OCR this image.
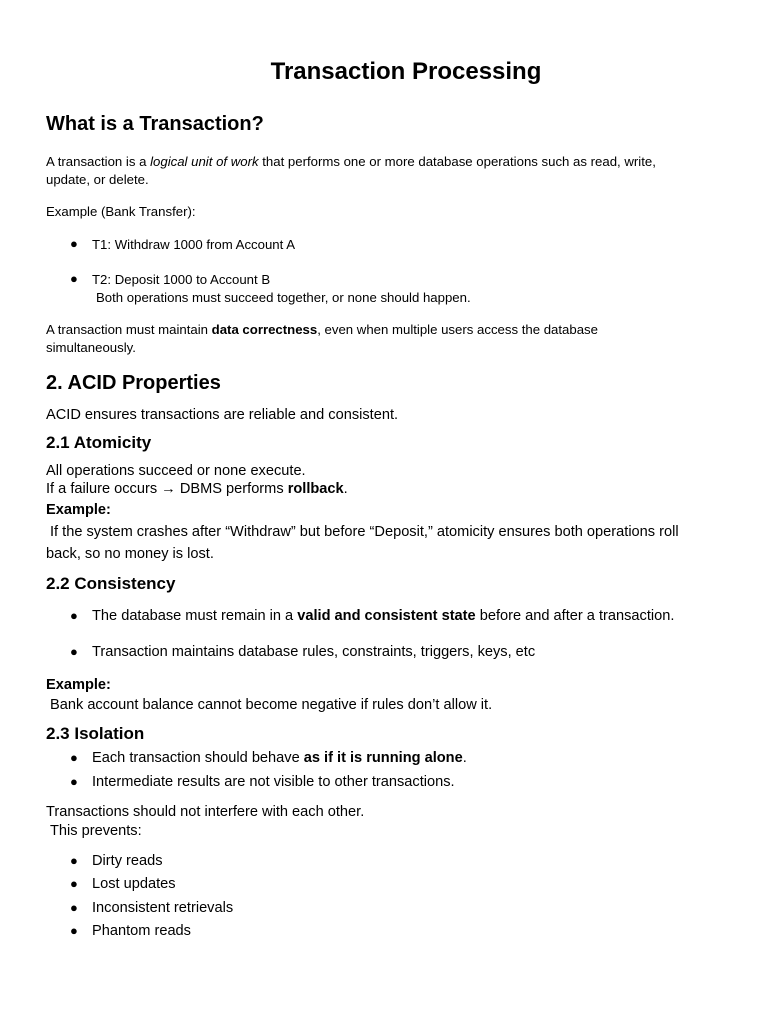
Transaction Processing
What is a Transaction?

A transaction is a logical unit of work that performs one or more database operations such as read, write,

update, or delete.

Example (Bank Transfer):

● T1: Withdraw 1000 from Account A

● T2: Deposit 1000 to Account B

Both operations must succeed together, or none should happen.

A transaction must maintain data correctness, even when multiple users access the database

simultaneously.

2. ACID Properties

ACID ensures transactions are reliable and consistent.

2.1 Atomicity

All operations succeed or none execute.

If a failure occurs → DBMS performs rollback.

Example:

If the system crashes after “Withdraw” but before “Deposit,” atomicity ensures both operations roll

back, so no money is lost.

2.2 Consistency
● The database must remain in a valid and consistent state before and after a transaction.

● Transaction maintains database rules, constraints, triggers, keys, etc

Example:

Bank account balance cannot become negative if rules don’t allow it.

2.3 Isolation
● Each transaction should behave as if it is running alone.

● Intermediate results are not visible to other transactions.

Transactions should not interfere with each other.

This prevents:

● Dirty reads

● Lost updates

● Inconsistent retrievals

● Phantom reads
